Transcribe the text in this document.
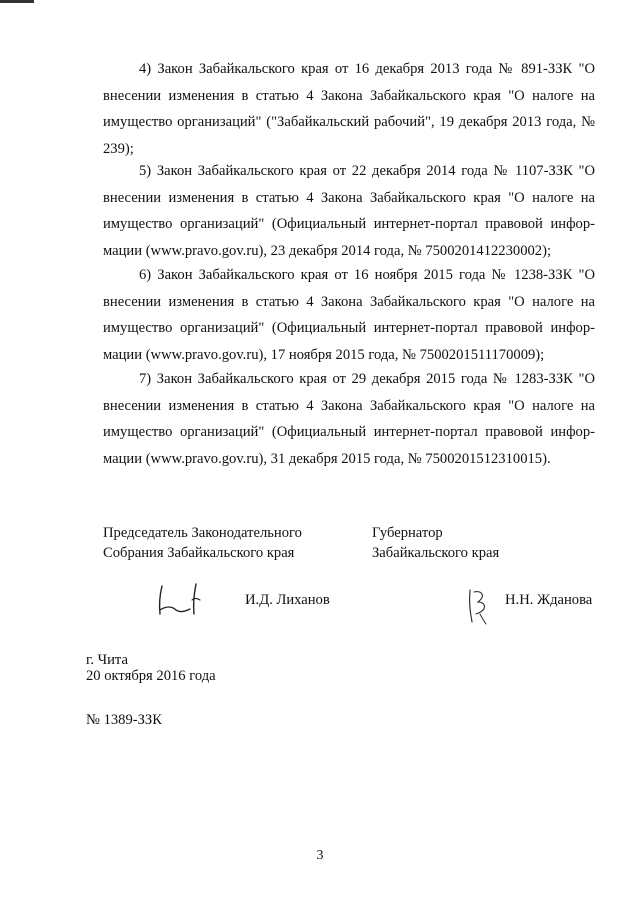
4) Закон Забайкальского края от 16 декабря 2013 года № 891-ЗЗК "О внесении изменения в статью 4 Закона Забайкальского края "О налоге на имущество организаций" ("Забайкальский рабочий", 19 декабря 2013 года, № 239);

5) Закон Забайкальского края от 22 декабря 2014 года № 1107-ЗЗК "О внесении изменения в статью 4 Закона Забайкальского края "О налоге на имущество организаций" (Официальный интернет-портал правовой информации (www.pravo.gov.ru), 23 декабря 2014 года, № 7500201412230002);

6) Закон Забайкальского края от 16 ноября 2015 года № 1238-ЗЗК "О внесении изменения в статью 4 Закона Забайкальского края "О налоге на имущество организаций" (Официальный интернет-портал правовой информации (www.pravo.gov.ru), 17 ноября 2015 года, № 7500201511170009);

7) Закон Забайкальского края от 29 декабря 2015 года № 1283-ЗЗК "О внесении изменения в статью 4 Закона Забайкальского края "О налоге на имущество организаций" (Официальный интернет-портал правовой информации (www.pravo.gov.ru), 31 декабря 2015 года, № 7500201512310015).

Председатель Законодательного
Собрания Забайкальского края
Губернатор
Забайкальского края
И.Д. Лиханов	Н.Н. Жданова
г. Чита
20 октября 2016 года
№ 1389-ЗЗК
3
